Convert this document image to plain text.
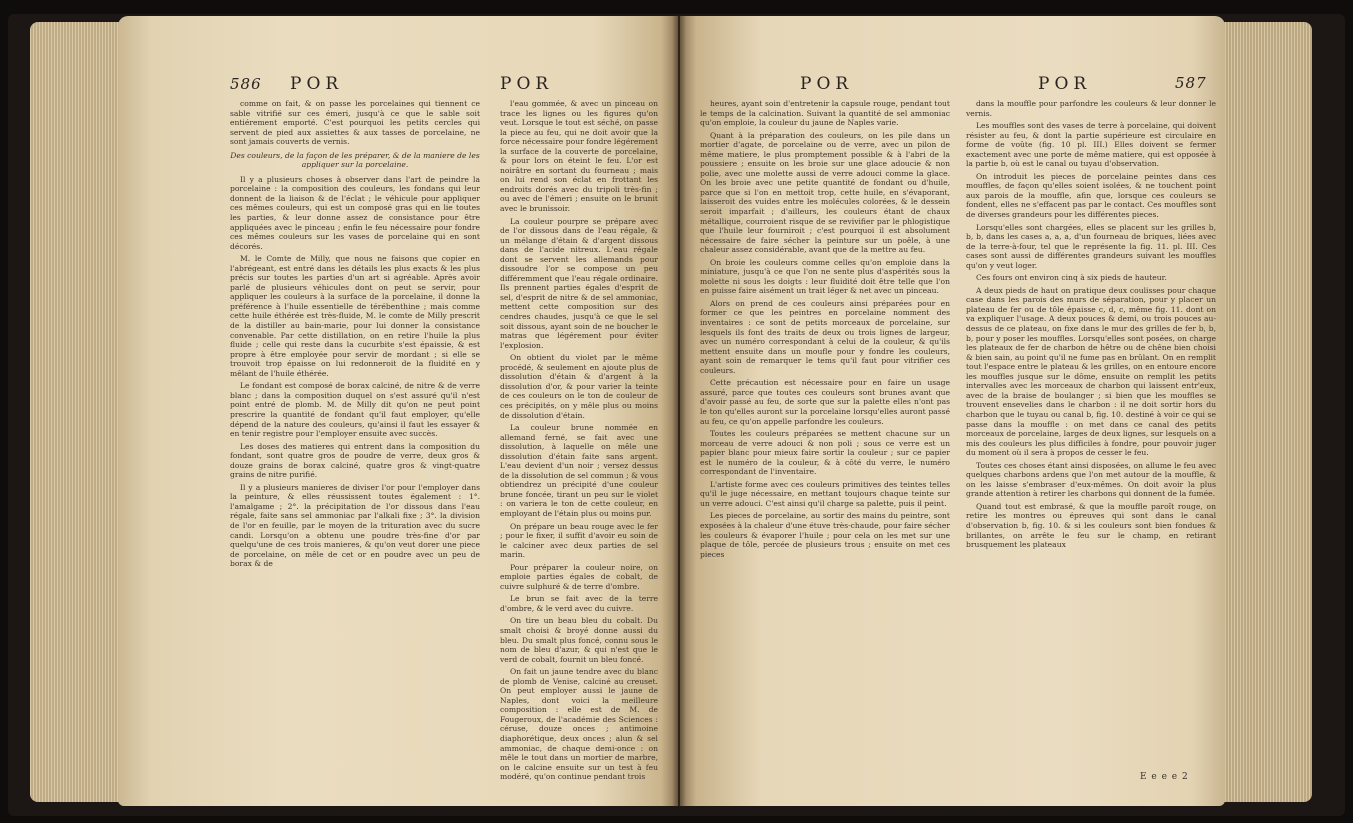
586 POR	POR

comme on fait, & on passe les porcelaines qui tiennent ce sable vitrifié sur ces émeri, jusqu'à ce que le sable soit entiérement emporté. C'est pourquoi les petits cercles qui servent de pied aux assiettes & aux tasses de porcelaine, ne sont jamais couverts de vernis.

Des couleurs, de la façon de les préparer, & de la maniere de les appliquer sur la porcelaine.

Il y a plusieurs choses à observer dans l'art de peindre la porcelaine : la composition des couleurs, les fondans qui leur donnent de la liaison & de l'éclat ; le véhicule pour appliquer ces mêmes couleurs, qui est un composé gras qui en lie toutes les parties, & leur donne assez de consistance pour être appliquées avec le pinceau ; enfin le feu nécessaire pour fondre ces mêmes couleurs sur les vases de porcelaine qui en sont décorés.

M. le Comte de Milly, que nous ne faisons que copier en l'abrégeant, est entré dans les détails les plus exacts & les plus précis sur toutes les parties d'un art si agréable. Après avoir parlé de plusieurs véhicules dont on peut se servir, pour appliquer les couleurs à la surface de la porcelaine, il donne la préférence à l'huile essentielle de térébenthine ; mais comme cette huile éthérée est très-fluide, M. le comte de Milly prescrit de la distiller au bain-marie, pour lui donner la consistance convenable. Par cette distillation, on en retire l'huile la plus fluide ; celle qui reste dans la cucurbite s'est épaissie, & est propre à être employée pour servir de mordant ; si elle se trouvoit trop épaisse on lui redonneroit de la fluidité en y mêlant de l'huile éthérée.

Le fondant est composé de borax calciné, de nitre & de verre blanc ; dans la composition duquel on s'est assuré qu'il n'est point entré de plomb. M. de Milly dit qu'on ne peut point prescrire la quantité de fondant qu'il faut employer, qu'elle dépend de la nature des couleurs, qu'ainsi il faut les essayer & en tenir registre pour l'employer ensuite avec succès.

Les doses des matieres qui entrent dans la composition du fondant, sont quatre gros de poudre de verre, deux gros & douze grains de borax calciné, quatre gros & vingt-quatre grains de nitre purifié.

Il y a plusieurs manieres de diviser l'or pour l'employer dans la peinture, & elles réussissent toutes également : 1°. l'amalgame ; 2°. la précipitation de l'or dissous dans l'eau régale, faite sans sel ammoniac par l'alkali fixe ; 3°. la division de l'or en feuille, par le moyen de la trituration avec du sucre candi. Lorsqu'on a obtenu une poudre très-fine d'or par quelqu'une de ces trois manieres, & qu'on veut dorer une piece de porcelaine, on mêle de cet or en poudre avec un peu de borax & de

l'eau gommée, & avec un pinceau on trace les lignes ou les figures qu'on veut. Lorsque le tout est séché, on passe la piece au feu, qui ne doit avoir que la force nécessaire pour fondre légérement la surface de la couverte de porcelaine, & pour lors on éteint le feu. L'or est noirâtre en sortant du fourneau ; mais on lui rend son éclat en frottant les endroits dorés avec du tripoli très-fin ; ou avec de l'émeri ; ensuite on le brunit avec le brunissoir.

La couleur pourpre se prépare avec de l'or dissous dans de l'eau régale, & un mélange d'étain & d'argent dissous dans de l'acide nitreux. L'eau régale dont se servent les allemands pour dissoudre l'or se compose un peu différemment que l'eau régale ordinaire. Ils prennent parties égales d'esprit de sel, d'esprit de nitre & de sel ammoniac, mettent cette composition sur des cendres chaudes, jusqu'à ce que le sel soit dissous, ayant soin de ne boucher le matras que légérement pour éviter l'explosion.

On obtient du violet par le même procédé, & seulement en ajoute plus de dissolution d'étain & d'argent à la dissolution d'or, & pour varier la teinte de ces couleurs on le ton de couleur de ces précipités, on y mêle plus ou moins de dissolution d'étain.

La couleur brune nommée en allemand ferné, se fait avec une dissolution, à laquelle on mêle une dissolution d'étain faite sans argent. L'eau devient d'un noir ; versez dessus de la dissolution de sel commun ; & vous obtiendrez un précipité d'une couleur brune foncée, tirant un peu sur le violet : on variera le ton de cette couleur, en employant de l'étain plus ou moins pur.

On prépare un beau rouge avec le fer ; pour le fixer, il suffit d'avoir eu soin de le calciner avec deux parties de sel marin.

Pour préparer la couleur noire, on emploie parties égales de cobalt, de cuivre sulphuré & de terre d'ombre.

Le brun se fait avec de la terre d'ombre, & le verd avec du cuivre.

On tire un beau bleu du cobalt. Du smalt choisi & broyé donne aussi du bleu. Du smalt plus foncé, connu sous le nom de bleu d'azur, & qui n'est que le verd de cobalt, fournit un bleu foncé.

On fait un jaune tendre avec du blanc de plomb de Venise, calciné au creuset. On peut employer aussi le jaune de Naples, dont voici la meilleure composition : elle est de M. de Fougeroux, de l'académie des Sciences : céruse, douze onces ; antimoine diaphorétique, deux onces ; alun & sel ammoniac, de chaque demi-once : on mêle le tout dans un mortier de marbre, on le calcine ensuite sur un test à feu modéré, qu'on continue pendant trois

POR	POR	587

heures, ayant soin d'entretenir la capsule rouge, pendant tout le temps de la calcination. Suivant la quantité de sel ammoniac qu'on emploie, la couleur du jaune de Naples varie.

Quant à la préparation des couleurs, on les pile dans un mortier d'agate, de porcelaine ou de verre, avec un pilon de même matiere, le plus promptement possible & à l'abri de la poussiere ; ensuite on les broie sur une glace adoucie & non polie, avec une molette aussi de verre adouci comme la glace. On les broie avec une petite quantité de fondant ou d'huile, parce que si l'on en mettoit trop, cette huile, en s'évaporant, laisseroit des vuides entre les molécules colorées, & le dessein seroit imparfait ; d'ailleurs, les couleurs étant de chaux métallique, courroient risque de se revivifier par le phlogistique que l'huile leur fourniroit ; c'est pourquoi il est absolument nécessaire de faire sécher la peinture sur un poêle, à une chaleur assez considérable, avant que de la mettre au feu.

On broie les couleurs comme celles qu'on emploie dans la miniature, jusqu'à ce que l'on ne sente plus d'aspérités sous la molette ni sous les doigts : leur fluidité doit être telle que l'on en puisse faire aisément un trait léger & net avec un pinceau.

Alors on prend de ces couleurs ainsi préparées pour en former ce que les peintres en porcelaine nomment des inventaires : ce sont de petits morceaux de porcelaine, sur lesquels ils font des traits de deux ou trois lignes de largeur, avec un numéro correspondant à celui de la couleur, & qu'ils mettent ensuite dans un moufle pour y fondre les couleurs, ayant soin de remarquer le tems qu'il faut pour vitrifier ces couleurs.

Cette précaution est nécessaire pour en faire un usage assuré, parce que toutes ces couleurs sont brunes avant que d'avoir passé au feu, de sorte que sur la palette elles n'ont pas le ton qu'elles auront sur la porcelaine lorsqu'elles auront passé au feu, ce qu'on appelle parfondre les couleurs.

Toutes les couleurs préparées se mettent chacune sur un morceau de verre adouci & non poli ; sous ce verre est un papier blanc pour mieux faire sortir la couleur ; sur ce papier est le numéro de la couleur, & à côté du verre, le numéro correspondant de l'inventaire.

L'artiste forme avec ces couleurs primitives des teintes telles qu'il le juge nécessaire, en mettant toujours chaque teinte sur un verre adouci. C'est ainsi qu'il charge sa palette, puis il peint.

Les pieces de porcelaine, au sortir des mains du peintre, sont exposées à la chaleur d'une étuve très-chaude, pour faire sécher les couleurs & évaporer l'huile ; pour cela on les met sur une plaque de tôle, percée de plusieurs trous ; ensuite on met ces pieces

dans la mouffle pour parfondre les couleurs & leur donner le vernis.

Les mouffles sont des vases de terre à porcelaine, qui doivent résister au feu, & dont la partie supérieure est circulaire en forme de voûte (fig. 10 pl. III.) Elles doivent se fermer exactement avec une porte de même matiere, qui est opposée à la partie b, où est le canal ou tuyau d'observation.

On introduit les pieces de porcelaine peintes dans ces mouffles, de façon qu'elles soient isolées, & ne touchent point aux parois de la mouffle, afin que, lorsque ces couleurs se fondent, elles ne s'effacent pas par le contact. Ces mouffles sont de diverses grandeurs pour les différentes pieces.

Lorsqu'elles sont chargées, elles se placent sur les grilles b, b, b, dans les cases a, a, a, d'un fourneau de briques, liées avec de la terre-à-four, tel que le représente la fig. 11. pl. III. Ces cases sont aussi de différentes grandeurs suivant les mouffles qu'on y veut loger.

Ces fours ont environ cinq à six pieds de hauteur.

A deux pieds de haut on pratique deux coulisses pour chaque case dans les parois des murs de séparation, pour y placer un plateau de fer ou de tôle épaisse c, d, c, même fig. 11. dont on va expliquer l'usage. A deux pouces & demi, ou trois pouces au-dessus de ce plateau, on fixe dans le mur des grilles de fer b, b, b, pour y poser les mouffles. Lorsqu'elles sont posées, on charge les plateaux de fer de charbon de hêtre ou de chêne bien choisi & bien sain, au point qu'il ne fume pas en brûlant. On en remplit tout l'espace entre le plateau & les grilles, on en entoure encore les mouffles jusque sur le dôme, ensuite on remplit les petits intervalles avec les morceaux de charbon qui laissent entr'eux, avec de la braise de boulanger ; si bien que les mouffles se trouvent ensevelies dans le charbon : il ne doit sortir hors du charbon que le tuyau ou canal b, fig. 10. destiné à voir ce qui se passe dans la mouffle : on met dans ce canal des petits morceaux de porcelaine, larges de deux lignes, sur lesquels on a mis des couleurs les plus difficiles à fondre, pour pouvoir juger du moment où il sera à propos de cesser le feu.

Toutes ces choses étant ainsi disposées, on allume le feu avec quelques charbons ardens que l'on met autour de la mouffle, & on les laisse s'embraser d'eux-mêmes. On doit avoir la plus grande attention à retirer les charbons qui donnent de la fumée.

Quand tout est embrasé, & que la mouffle paroît rouge, on retire les montres ou épreuves qui sont dans le canal d'observation b, fig. 10. & si les couleurs sont bien fondues & brillantes, on arrête le feu sur le champ, en retirant brusquement les plateaux

E e e e 2
